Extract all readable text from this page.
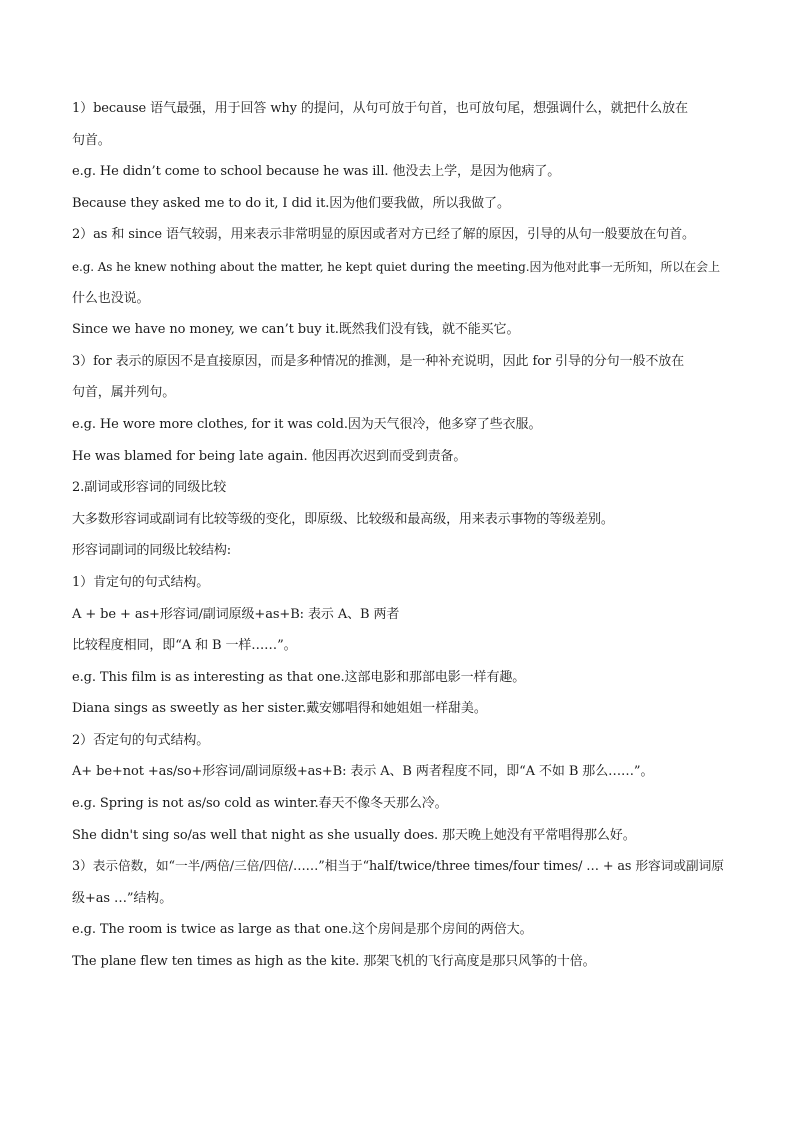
1）because 语气最强，用于回答 why 的提问，从句可放于句首，也可放句尾，想强调什么，就把什么放在
句首。
e.g. He didn’t come to school because he was ill. 他没去上学，是因为他病了。
Because they asked me to do it, I did it.因为他们要我做，所以我做了。
2）as 和 since 语气较弱，用来表示非常明显的原因或者对方已经了解的原因，引导的从句一般要放在句首。
e.g. As he knew nothing about the matter, he kept quiet during the meeting.因为他对此事一无所知，所以在会上
什么也没说。
Since we have no money, we can’t buy it.既然我们没有钱，就不能买它。
3）for 表示的原因不是直接原因，而是多种情况的推测，是一种补充说明，因此 for 引导的分句一般不放在
句首，属并列句。
e.g. He wore more clothes, for it was cold.因为天气很冷，他多穿了些衣服。
He was blamed for being late again. 他因再次迟到而受到责备。
2.副词或形容词的同级比较
大多数形容词或副词有比较等级的变化，即原级、比较级和最高级，用来表示事物的等级差别。
形容词副词的同级比较结构:
1）肯定句的句式结构。
A + be + as+形容词/副词原级+as+B: 表示 A、B 两者
比较程度相同，即“A 和 B 一样……”。
e.g. This film is as interesting as that one.这部电影和那部电影一样有趣。
Diana sings as sweetly as her sister.戴安娜唱得和她姐姐一样甜美。
2）否定句的句式结构。
A+ be+not +as/so+形容词/副词原级+as+B: 表示 A、B 两者程度不同，即“A 不如 B 那么……”。
e.g. Spring is not as/so cold as winter.春天不像冬天那么冷。
She didn't sing so/as well that night as she usually does. 那天晚上她没有平常唱得那么好。
3）表示倍数，如“一半/两倍/三倍/四倍/……”相当于“half/twice/three times/four times/ … + as 形容词或副词原
级+as …”结构。
e.g. The room is twice as large as that one.这个房间是那个房间的两倍大。
The plane flew ten times as high as the kite. 那架飞机的飞行高度是那只风筝的十倍。
